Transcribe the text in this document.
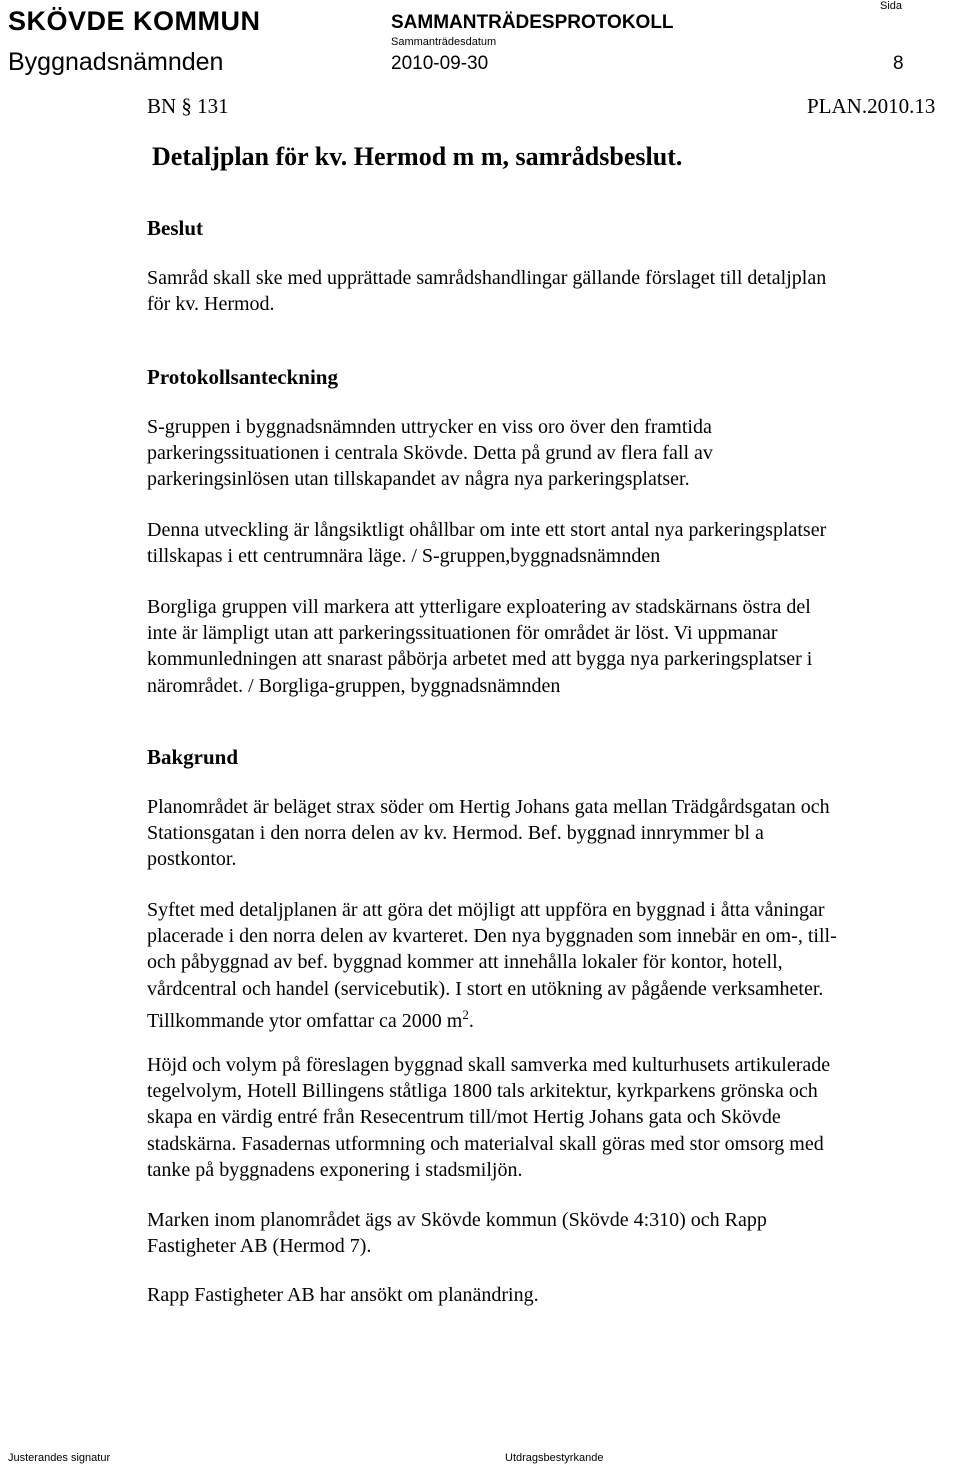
SKÖVDE KOMMUN
Byggnadsnämnden
SAMMANTRÄDESPROTOKOLL
Sammanträdesdatum
2010-09-30
Sida
8
BN § 131	PLAN.2010.13
Detaljplan för kv. Hermod m m, samrådsbeslut.
Beslut
Samråd skall ske med upprättade samrådshandlingar gällande förslaget till detaljplan
för kv. Hermod.
Protokollsanteckning
S-gruppen i byggnadsnämnden uttrycker en viss oro över den framtida
parkeringssituationen i centrala Skövde. Detta på grund av flera fall av
parkeringsinlösen utan tillskapandet av några nya parkeringsplatser.
Denna utveckling är långsiktligt ohållbar om inte ett stort antal nya parkeringsplatser
tillskapas i ett centrumnära läge. / S-gruppen,byggnadsnämnden
Borgliga gruppen vill markera att ytterligare exploatering av stadskärnans östra del
inte är lämpligt utan att parkeringssituationen för området är löst. Vi uppmanar
kommunledningen att snarast påbörja arbetet med att bygga nya parkeringsplatser i
närområdet. / Borgliga-gruppen, byggnadsnämnden
Bakgrund
Planområdet är beläget strax söder om Hertig Johans gata mellan Trädgårdsgatan och
Stationsgatan i den norra delen av kv. Hermod. Bef. byggnad innrymmer bl a
postkontor.
Syftet med detaljplanen är att göra det möjligt att uppföra en byggnad i åtta våningar
placerade i den norra delen av kvarteret. Den nya byggnaden som innebär en om-, till-
och påbyggnad av bef. byggnad kommer att innehålla lokaler för kontor, hotell,
vårdcentral och handel (servicebutik). I stort en utökning av pågående verksamheter.
Tillkommande ytor omfattar ca 2000 $m^2$.
Höjd och volym på föreslagen byggnad skall samverka med kulturhusets artikulerade
tegelvolym, Hotell Billingens ståtliga 1800 tals arkitektur, kyrkparkens grönska och
skapa en värdig entré från Resecentrum till/mot Hertig Johans gata och Skövde
stadskärna. Fasadernas utformning och materialval skall göras med stor omsorg med
tanke på byggnadens exponering i stadsmiljön.
Marken inom planområdet ägs av Skövde kommun (Skövde 4:310) och Rapp
Fastigheter AB (Hermod 7).
Rapp Fastigheter AB har ansökt om planändring.
Justerandes signatur	Utdragsbestyrkande
